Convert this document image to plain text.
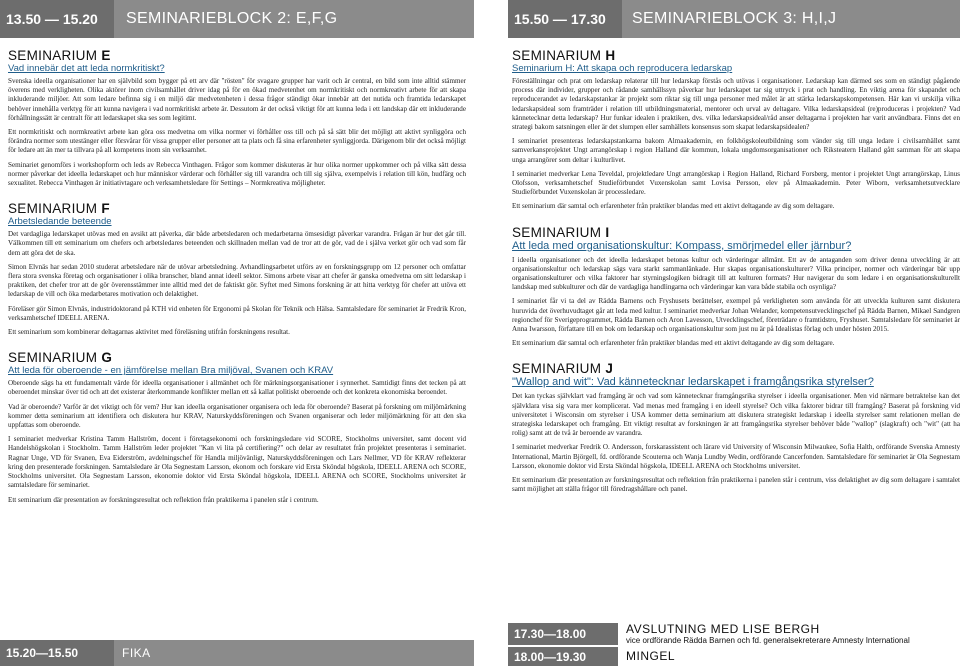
13.50 — 15.20	SEMINARIEBLOCK 2: E,F,G
SEMINARIUM E
Vad innebär det att leda normkritiskt?

Svenska ideella organisationer har en självbild som bygger på ett arv där "rösten" för svagare grupper har varit och är central, en bild som inte alltid stämmer överens med verkligheten. Olika aktörer inom civilsamhället driver idag på för en ökad medvetenhet om normkritiskt och normkreativt arbete för att skapa inkluderande miljöer. Att som ledare befinna sig i en miljö där medvetenheten i dessa frågor ständigt ökar innebär att det nutida och framtida ledarskapet behöver innehålla verktyg för att kunna navigera i vad normkritiskt arbete är. Dessutom är det också viktigt för att kunna leda i ett landskap där ett inkluderande förhållningssätt är centralt för att ledarskapet ska ses som legitimt.

Ett normkritiskt och normkreativt arbete kan göra oss medvetna om vilka normer vi förhåller oss till och på så sätt blir det möjligt att aktivt synliggöra och förändra normer som utestänger eller försvårar för vissa grupper eller personer att ta plats och få sina erfarenheter synliggjorda. Därigenom blir det också möjligt för ledare att än mer ta tillvara på all kompetens inom sin verksamhet.

Seminariet genomförs i workshopform och leds av Rebecca Vinthagen. Frågor som kommer diskuteras är hur olika normer uppkommer och på vilka sätt dessa normer påverkar det ideella ledarskapet och hur människor värderar och förhåller sig till varandra och till sig själva, exempelvis i relation till kön, hudfärg och sexualitet. Rebecca Vinthagen är initiativtagare och verksamhetsledare för Settings – Normkreativa möjligheter.

SEMINARIUM F
Arbetsledande beteende

Det vardagliga ledarskapet utövas med en avsikt att påverka, där både arbetsledaren och medarbetarna ömsesidigt påverkar varandra. Frågan är hur det går till. Välkommen till ett seminarium om chefers och arbetsledares beteenden och skillnaden mellan vad de tror att de gör, vad de i själva verket gör och vad som får dem att göra det de ska.

Simon Elvnäs har sedan 2010 studerat arbetsledare när de utövar arbetsledning. Avhandlingsarbetet utförs av en forskningsgrupp om 12 personer och omfattar flera stora svenska företag och organisationer i olika branscher, bland annat ideell sektor. Simons arbete visar att chefer är ganska omedvetna om sitt ledarskap i praktiken, det chefer tror att de gör överensstämmer inte alltid med det de faktiskt gör. Syftet med Simons forskning är att hitta verktyg för chefer att utöva ett ledarskap de vill och öka medarbetares motivation och delaktighet.

Föreläser gör Simon Elvnäs, industridoktorand på KTH vid enheten för Ergonomi på Skolan för Teknik och Hälsa. Samtalsledare för seminariet är Fredrik Kron, verksamhetschef IDEELL ARENA.

Ett seminarium som kombinerar deltagarnas aktivitet med föreläsning utifrån forskningens resultat.

SEMINARIUM G
Att leda för oberoende - en jämförelse mellan Bra miljöval, Svanen och KRAV

Oberoende sägs ha ett fundamentalt värde för ideella organisationer i allmänhet och för märkningsorganisationer i synnerhet. Samtidigt finns det tecken på att oberoendet minskar över tid och att det existerar återkommande konflikter mellan ett så kallat politiskt oberoende och det konkreta ekonomiska beroendet.

Vad är oberoende? Varför är det viktigt och för vem? Hur kan ideella organisationer organisera och leda för oberoende? Baserat på forskning om miljömärkning kommer detta seminarium att identifiera och diskutera hur KRAV, Naturskyddsföreningen och Svanen organiserar och leder miljömärkning för att den ska uppfattas som oberoende.

I seminariet medverkar Kristina Tamm Hallström, docent i företagsekonomi och forskningsledare vid SCORE, Stockholms universitet, samt docent vid Handelshögskolan i Stockholm. Tamm Hallström leder projektet "Kan vi lita på certifiering?" och delar av resultatet från projektet presenteras i seminariet. Ragnar Unge, VD för Svanen, Eva Eiderström, avdelningschef för Handla miljövänligt, Naturskyddsföreningen och Lars Nellmer, VD för KRAV reflekterar kring den presenterade forskningen. Samtalsledare är Ola Segnestam Larsson, ekonom och forskare vid Ersta Sköndal högskola, IDEELL ARENA och SCORE, Stockholms universitet. Ola Segnestam Larsson, ekonomie doktor vid Ersta Sköndal högskola, IDEELL ARENA och SCORE, Stockholms universitet är samtalsledare för seminariet.

Ett seminarium där presentation av forskningsresultat och reflektion från praktikerna i panelen står i centrum.

15.20—15.50	FIKA
15.50 — 17.30	SEMINARIEBLOCK 3: H,I,J
SEMINARIUM H
Seminarium H: Att skapa och reproducera ledarskap

Föreställningar och prat om ledarskap relaterar till hur ledarskap förstås och utövas i organisationer. Ledarskap kan därmed ses som en ständigt pågående process där individer, grupper och rådande samhällssyn påverkar hur ledarskapet tar sig uttryck i prat och handling. En viktig arena för skapandet och reproducerandet av ledarskapstankar är projekt som riktar sig till unga personer med målet är att stärka ledarskapskompetensen. Här kan vi urskilja vilka ledarskapsideal som framträder i relation till utbildningsmaterial, mentorer och urval av deltagare. Vilka ledarskapsideal (re)produceras i projekten? Vad kännetecknar detta ledarskap? Hur funkar idealen i praktiken, dvs. vilka ledarskapsideal/råd anser deltagarna i projekten har varit användbara. Finns det en strategi bakom satsningen eller är det slumpen eller samhällets konsensus som skapat ledarskapsidealen?

I seminariet presenteras ledarskapstankarna bakom Almaakademin, en folkhögskoleutbildning som vänder sig till unga ledare i civilsamhället samt samverkansprojektet Ungt arrangörskap i region Halland där kommun, lokala ungdomsorganisationer och Riksteatern Halland gått samman för att skapa unga arrangörer som deltar i kulturlivet.

I seminariet medverkar Lena Teveldal, projektledare Ungt arrangörskap i Region Halland, Richard Forsberg, mentor i projektet Ungt arrangörskap, Linus Olofsson, verksamhetschef Studieförbundet Vuxenskolan samt Lovisa Persson, elev på Almaakademin. Peter Wiborn, verksamhetsutvecklare Studieförbundet Vuxenskolan är processledare.

Ett seminarium där samtal och erfarenheter från praktiker blandas med ett aktivt deltagande av dig som deltagare.

SEMINARIUM I
Att leda med organisationskultur: Kompass, smörjmedel eller järnbur?

I ideella organisationer och det ideella ledarskapet betonas kultur och värderingar allmänt. Ett av de antaganden som driver denna utveckling är att organisationskultur och ledarskap sägs vara starkt sammanlänkade. Hur skapas organisationskulturer? Vilka principer, normer och värderingar bär upp organisationskulturer och vilka faktorer har styrningslogiken bidragit till att kulturen formats? Hur navigerar du som ledare i en organisationskulturellt landskap med subkulturer och där de vardagliga handlingarna och värderingar kan vara både stabila och osynliga?

I seminariet får vi ta del av Rädda Barnens och Fryshusets berättelser, exempel på verkligheten som använda för att utveckla kulturen samt diskutera huruvida det överhuvudtaget går att leda med kultur. I seminariet medverkar Johan Welander, kompetensutvecklingschef på Rädda Barnen, Mikael Sandgren regionchef för Sverigeprogrammet, Rädda Barnen och Aron Lavesson, Utvecklingschef, företrädare o framtidstro, Fryshuset. Samtalsledare för seminariet är Anna Iwarsson, författare till en bok om ledarskap och organisationskultur som just nu är på Idealistas förlag och under hösten 2015.

Ett seminarium där samtal och erfarenheter från praktiker blandas med ett aktivt deltagande av dig som deltagare.

SEMINARIUM J
"Wallop and wit": Vad kännetecknar ledarskapet i framgångsrika styrelser?

Det kan tyckas självklart vad framgång är och vad som kännetecknar framgångsrika styrelser i ideella organisationer. Men vid närmare betraktelse kan det självklara visa sig vara mer komplicerat. Vad menas med framgång i en ideell styrelse? Och vilka faktorer bidrar till framgång? Baserat på forskning vid universitetet i Wisconsin om styrelser i USA kommer detta seminarium att diskutera strategiskt ledarskap i ideella styrelser samt relationen mellan de strategiska ledarskapet och framgång. Ett viktigt resultat av forskningen är att framgångsrika styrelser behöver både "wallop" (slagkraft) och "wit" (att ha rolig) samt att de två är beroende av varandra.

I seminariet medverkar Fredrik O. Andersson, forskarassistent och lärare vid University of Wisconsin Milwaukee, Sofia Halth, ordförande Svenska Amnesty International, Martin Björgell, fd. ordförande Scouterna och Wanja Lundby Wedin, ordförande Cancerfonden. Samtalsledare för seminariet är Ola Segnestam Larsson, ekonomie doktor vid Ersta Sköndal högskola, IDEELL ARENA och Stockholms universitet.

Ett seminarium där presentation av forskningsresultat och reflektion från praktikerna i panelen står i centrum, viss delaktighet av dig som deltagare i samtalet samt möjlighet att ställa frågor till föredragshållare och panel.

17.30—18.00	AVSLUTNING MED LISE BERGH
vice ordförande Rädda Barnen och fd. generalsekreterare Amnesty International
18.00—19.30	MINGEL
